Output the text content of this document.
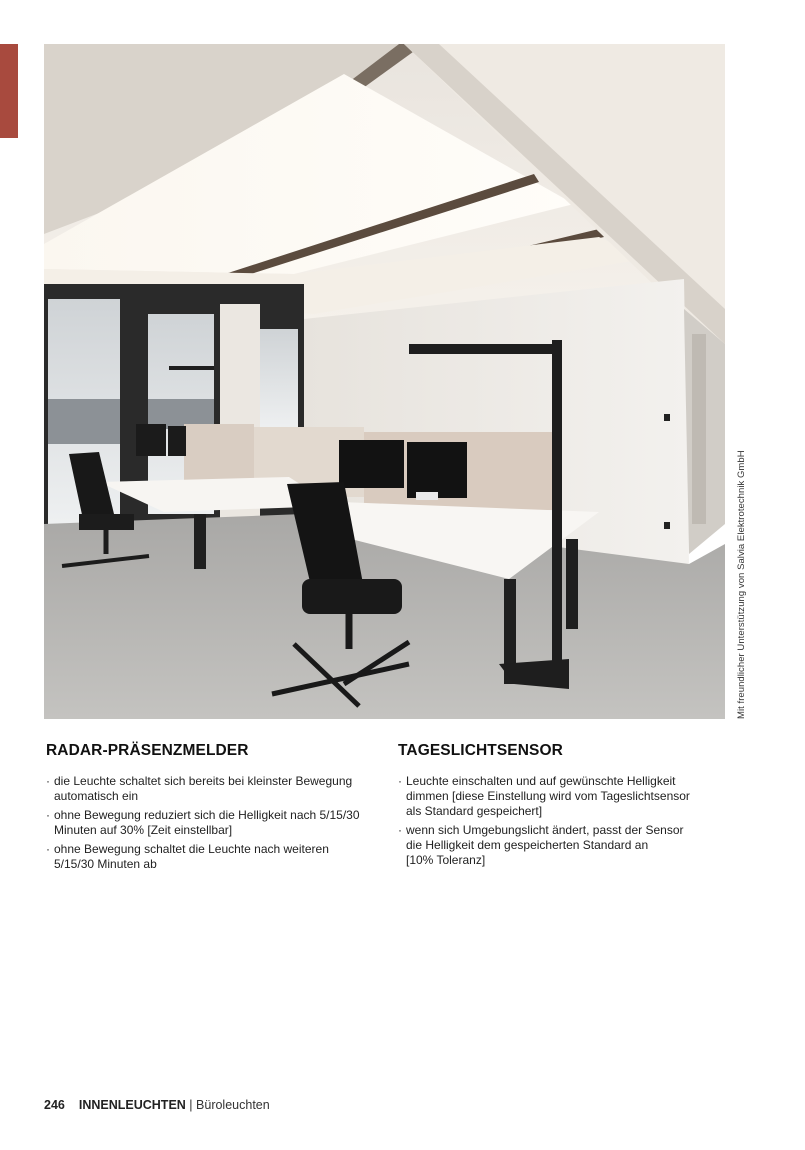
Mit freundlicher Unterstützung von Salvia Elektrotechnik GmbH
RADAR-PRÄSENZMELDER
· die Leuchte schaltet sich bereits bei kleinster Bewegung
automatisch ein
· ohne Bewegung reduziert sich die Helligkeit nach 5/15/30
Minuten auf 30% [Zeit einstellbar]
· ohne Bewegung schaltet die Leuchte nach weiteren
5/15/30 Minuten ab
TAGESLICHTSENSOR
· Leuchte einschalten und auf gewünschte Helligkeit
dimmen [diese Einstellung wird vom Tageslichtsensor
als Standard gespeichert]
· wenn sich Umgebungslicht ändert, passt der Sensor
die Helligkeit dem gespeicherten Standard an
[10% Toleranz]
246 INNENLEUCHTEN | Büroleuchten
